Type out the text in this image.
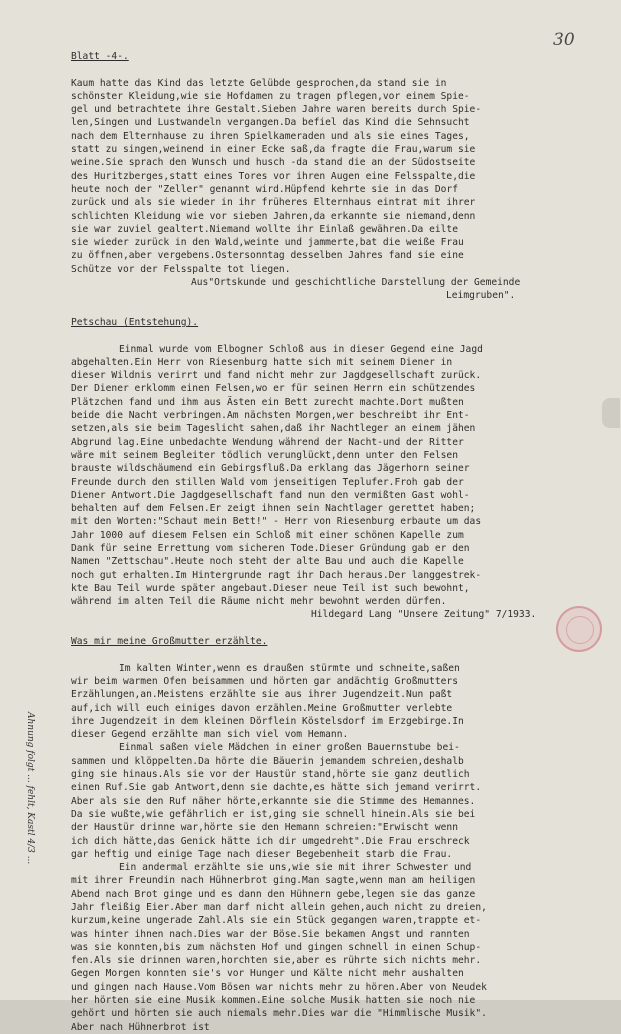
30
Blatt -4-.
Kaum hatte das Kind das letzte Gelübde gesprochen,da stand sie in
schönster Kleidung,wie sie Hofdamen zu tragen pflegen,vor einem Spie-
gel und betrachtete ihre Gestalt.Sieben Jahre waren bereits durch Spie-
len,Singen und Lustwandeln vergangen.Da befiel das Kind die Sehnsucht
nach dem Elternhause zu ihren Spielkameraden und als sie eines Tages,
statt zu singen,weinend in einer Ecke saß,da fragte die Frau,warum sie
weine.Sie sprach den Wunsch und husch -da stand die an der Südostseite
des Huritzberges,statt eines Tores vor ihren Augen eine Felsspalte,die
heute noch der "Zeller" genannt wird.Hüpfend kehrte sie in das Dorf
zurück und als sie wieder in ihr früheres Elternhaus eintrat mit ihrer
schlichten Kleidung wie vor sieben Jahren,da erkannte sie niemand,denn
sie war zuviel gealtert.Niemand wollte ihr Einlaß gewähren.Da eilte
sie wieder zurück in den Wald,weinte und jammerte,bat die weiße Frau
zu öffnen,aber vergebens.Ostersonntag desselben Jahres fand sie eine
Schütze vor der Felsspalte tot liegen.
Aus"Ortskunde und geschichtliche Darstellung der Gemeinde
Leimgruben".
Petschau (Entstehung).
Einmal wurde vom Elbogner Schloß aus in dieser Gegend eine Jagd
abgehalten.Ein Herr von Riesenburg hatte sich mit seinem Diener in
dieser Wildnis verirrt und fand nicht mehr zur Jagdgesellschaft zurück.
Der Diener erklomm einen Felsen,wo er für seinen Herrn ein schützendes
Plätzchen fand und ihm aus Ästen ein Bett zurecht machte.Dort mußten
beide die Nacht verbringen.Am nächsten Morgen,wer beschreibt ihr Ent-
setzen,als sie beim Tageslicht sahen,daß ihr Nachtleger an einem jähen
Abgrund lag.Eine unbedachte Wendung während der Nacht-und der Ritter
wäre mit seinem Begleiter tödlich verunglückt,denn unter den Felsen
brauste wildschäumend ein Gebirgsfluß.Da erklang das Jägerhorn seiner
Freunde durch den stillen Wald vom jenseitigen Teplufer.Froh gab der
Diener Antwort.Die Jagdgesellschaft fand nun den vermißten Gast wohl-
behalten auf dem Felsen.Er zeigt ihnen sein Nachtlager gerettet haben;
mit den Worten:"Schaut mein Bett!" - Herr von Riesenburg erbaute um das
Jahr 1000 auf diesem Felsen ein Schloß mit einer schönen Kapelle zum
Dank für seine Errettung vom sicheren Tode.Dieser Gründung gab er den
Namen "Zettschau".Heute noch steht der alte Bau und auch die Kapelle
noch gut erhalten.Im Hintergrunde ragt ihr Dach heraus.Der langgestrek-
kte Bau Teil wurde später angebaut.Dieser neue Teil ist such bewohnt,
während im alten Teil die Räume nicht mehr bewohnt werden dürfen.
Hildegard Lang "Unsere Zeitung" 7/1933.
Was mir meine Großmutter erzählte.
Im kalten Winter,wenn es draußen stürmte und schneite,saßen
wir beim warmen Ofen beisammen und hörten gar andächtig Großmutters
Erzählungen,an.Meistens erzählte sie aus ihrer Jugendzeit.Nun paßt
auf,ich will euch einiges davon erzählen.Meine Großmutter verlebte
ihre Jugendzeit in dem kleinen Dörflein Köstelsdorf im Erzgebirge.In
dieser Gegend erzählte man sich viel vom Hemann.
Einmal saßen viele Mädchen in einer großen Bauernstube bei-
sammen und klöppelten.Da hörte die Bäuerin jemandem schreien,deshalb
ging sie hinaus.Als sie vor der Haustür stand,hörte sie ganz deutlich
einen Ruf.Sie gab Antwort,denn sie dachte,es hätte sich jemand verirrt.
Aber als sie den Ruf näher hörte,erkannte sie die Stimme des Hemannes.
Da sie wußte,wie gefährlich er ist,ging sie schnell hinein.Als sie bei
der Haustür drinne war,hörte sie den Hemann schreien:"Erwischt wenn
ich dich hätte,das Genick hätte ich dir umgedreht".Die Frau erschreck
gar heftig und einige Tage nach dieser Begebenheit starb die Frau.
Ein andermal erzählte sie uns,wie sie mit ihrer Schwester und
mit ihrer Freundin nach Hühnerbrot ging.Man sagte,wenn man am heiligen
Abend nach Brot ginge und es dann den Hühnern gebe,legen sie das ganze
Jahr fleißig Eier.Aber man darf nicht allein gehen,auch nicht zu dreien,
kurzum,keine ungerade Zahl.Als sie ein Stück gegangen waren,trappte et-
was hinter ihnen nach.Dies war der Böse.Sie bekamen Angst und rannten
was sie konnten,bis zum nächsten Hof und gingen schnell in einen Schup-
fen.Als sie drinnen waren,horchten sie,aber es rührte sich nichts mehr.
Gegen Morgen konnten sie's vor Hunger und Kälte nicht mehr aushalten
und gingen nach Hause.Vom Bösen war nichts mehr zu hören.Aber von Neudek
her hörten sie eine Musik kommen.Eine solche Musik hatten sie noch nie
gehört und hörten sie auch niemals mehr.Dies war die "Himmlische Musik".
Aber nach Hühnerbrot ist
Ahnung folgt ... fehlt, Kastl 4/3 ...
